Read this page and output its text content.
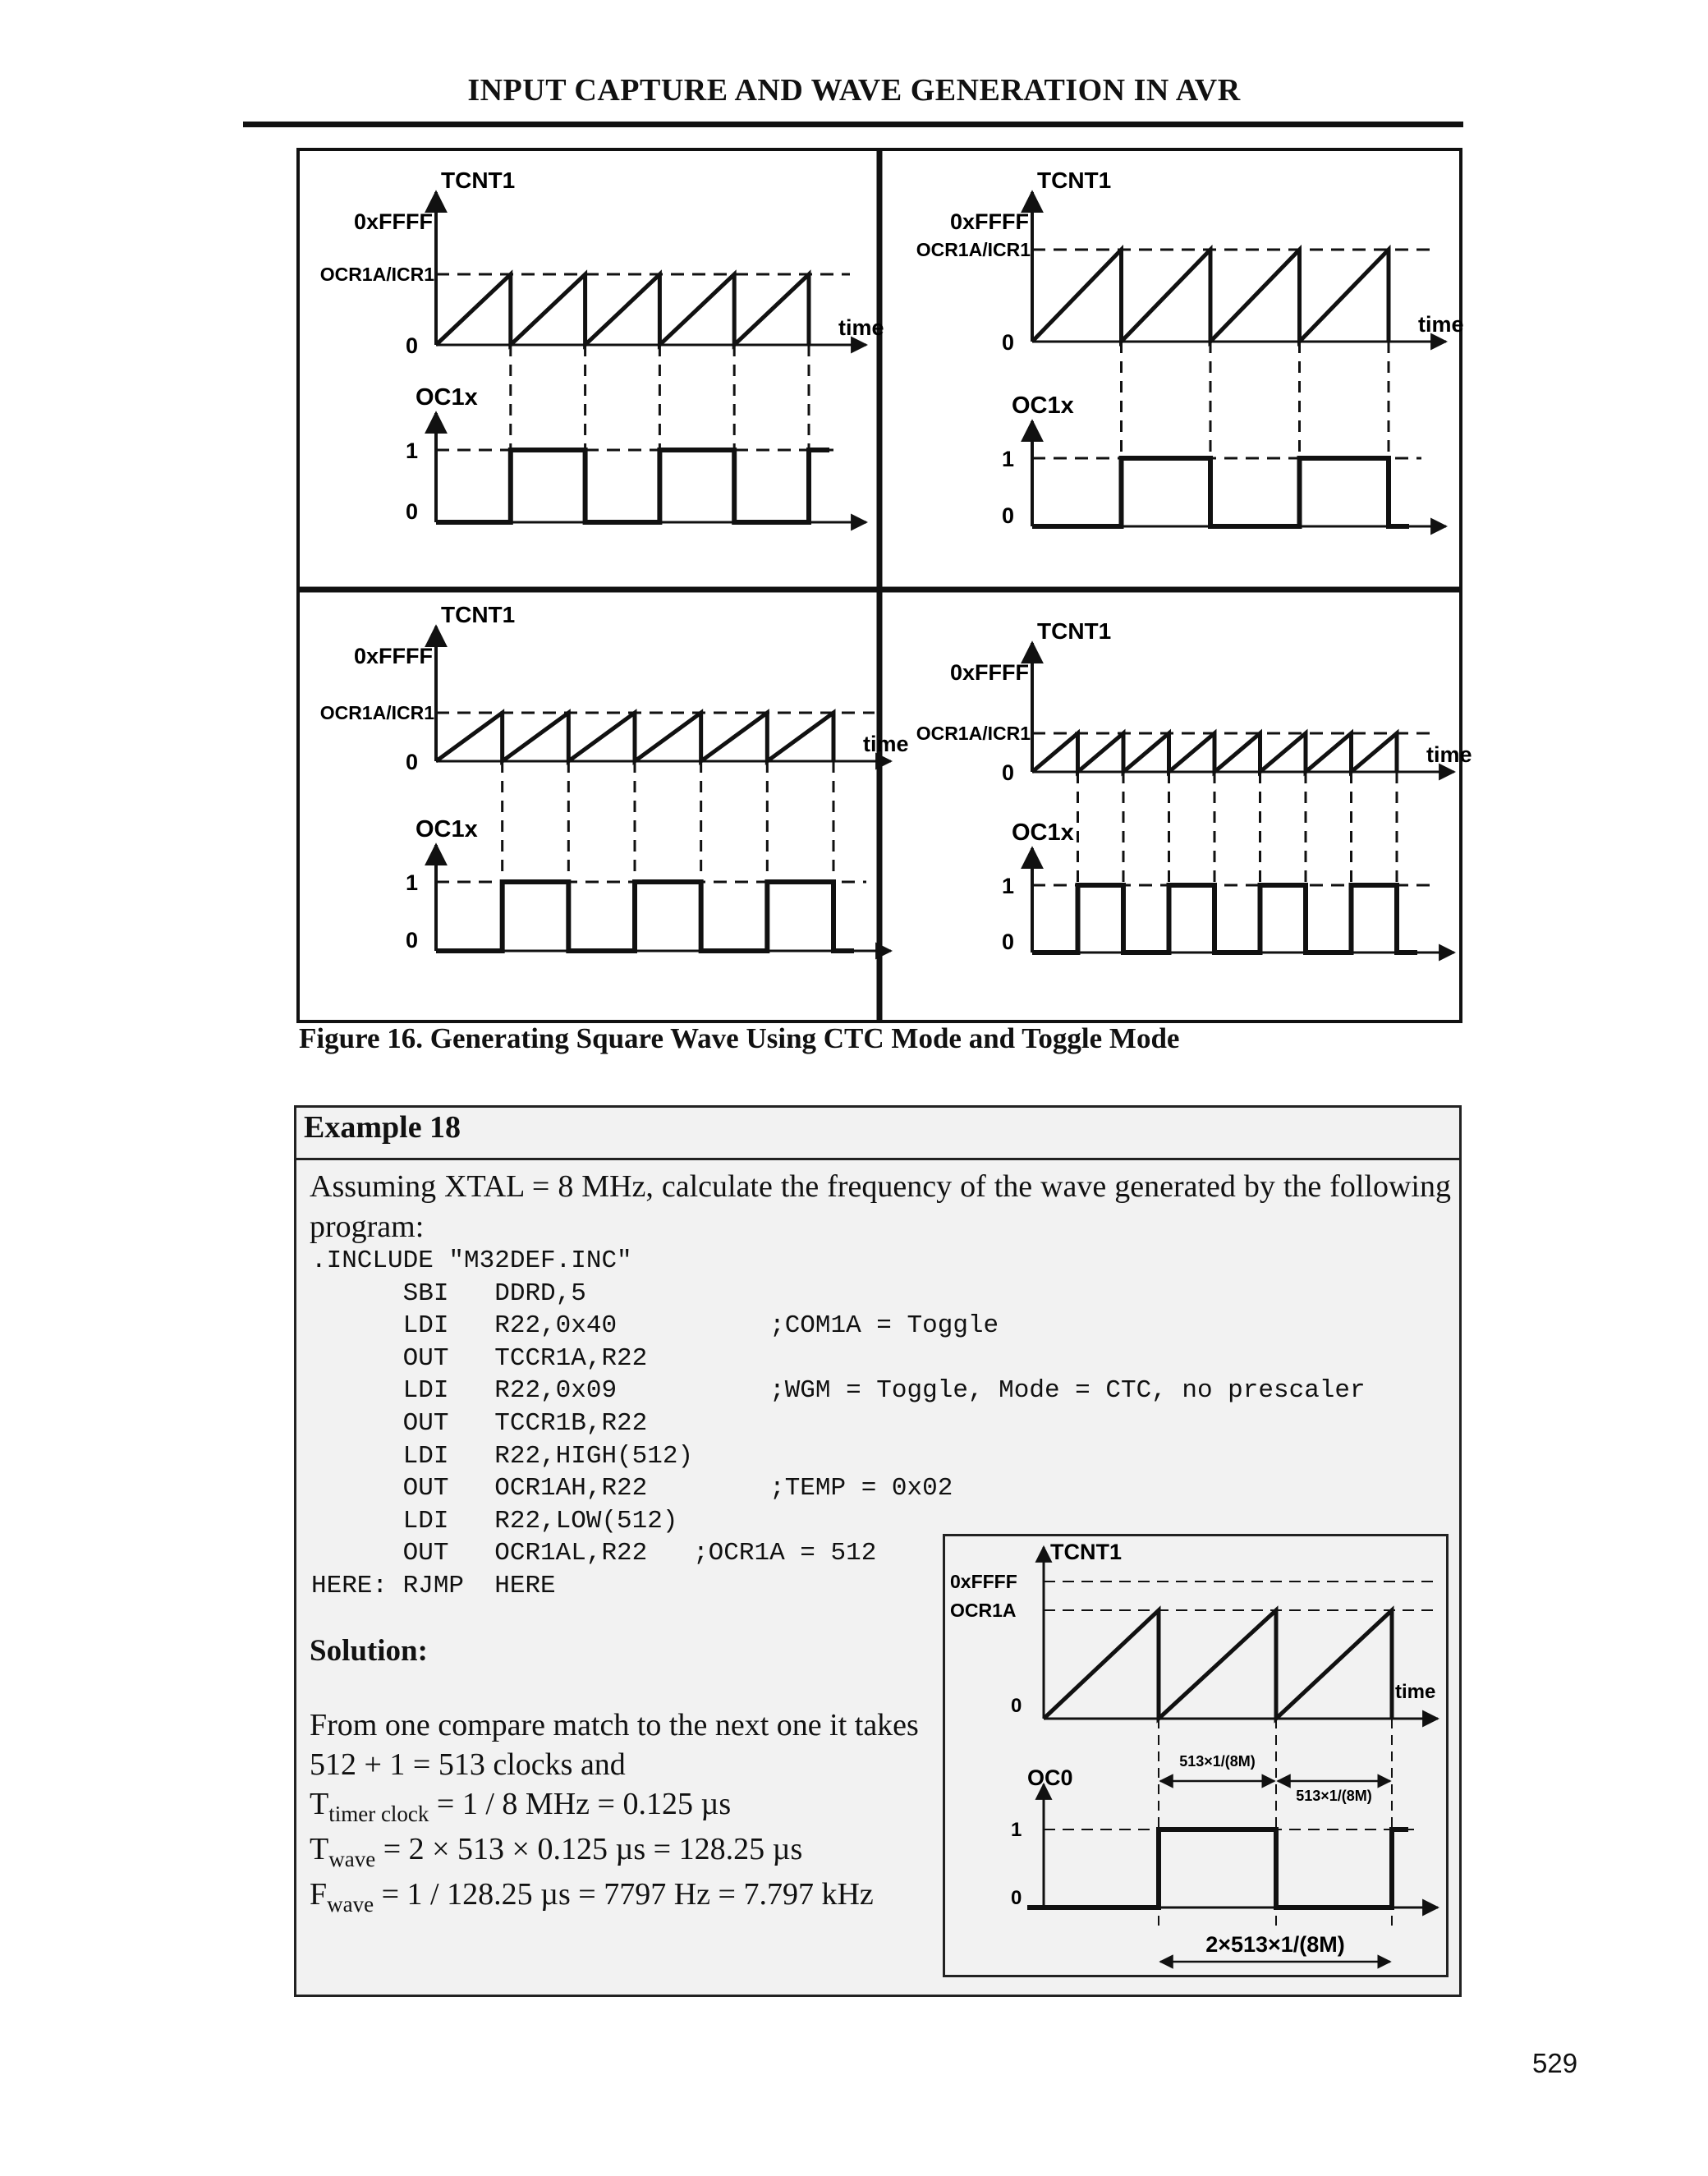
INPUT CAPTURE AND WAVE GENERATION IN AVR
TCNT1
0xFFFF
OCR1A/ICR1
0
time
OC1x
1
0
TCNT1
0xFFFF
OCR1A/ICR1
0
time
OC1x
1
0
TCNT1
0xFFFF
OCR1A/ICR1
0
time
OC1x
1
0
TCNT1
0xFFFF
OCR1A/ICR1
0
time
OC1x
1
0
Figure 16. Generating Square Wave Using CTC Mode and Toggle Mode
Example 18
Assuming XTAL = 8 MHz, calculate the frequency of the wave generated by the following program:
.INCLUDE "M32DEF.INC"
SBI   DDRD,5
LDI   R22,0x40          ;COM1A = Toggle
OUT   TCCR1A,R22
LDI   R22,0x09          ;WGM = Toggle, Mode = CTC, no prescaler
OUT   TCCR1B,R22
LDI   R22,HIGH(512)
OUT   OCR1AH,R22        ;TEMP = 0x02
LDI   R22,LOW(512)
OUT   OCR1AL,R22   ;OCR1A = 512
HERE: RJMP  HERE
Solution:
From one compare match to the next one it takes
512 + 1 = 513 clocks and
$T_{timer clock} = 1 / 8$ MHz = 0.125 µs
$T_{wave} = 2 \times 513 \times 0.125$ µs = 128.25 µs
$F_{wave} = 1 / 128.25$ µs = 7797 Hz = 7.797 kHz
TCNT1
0xFFFF
OCR1A
0
time
OC0
1
0
513×1/(8M)
513×1/(8M)
2×513×1/(8M)
529
